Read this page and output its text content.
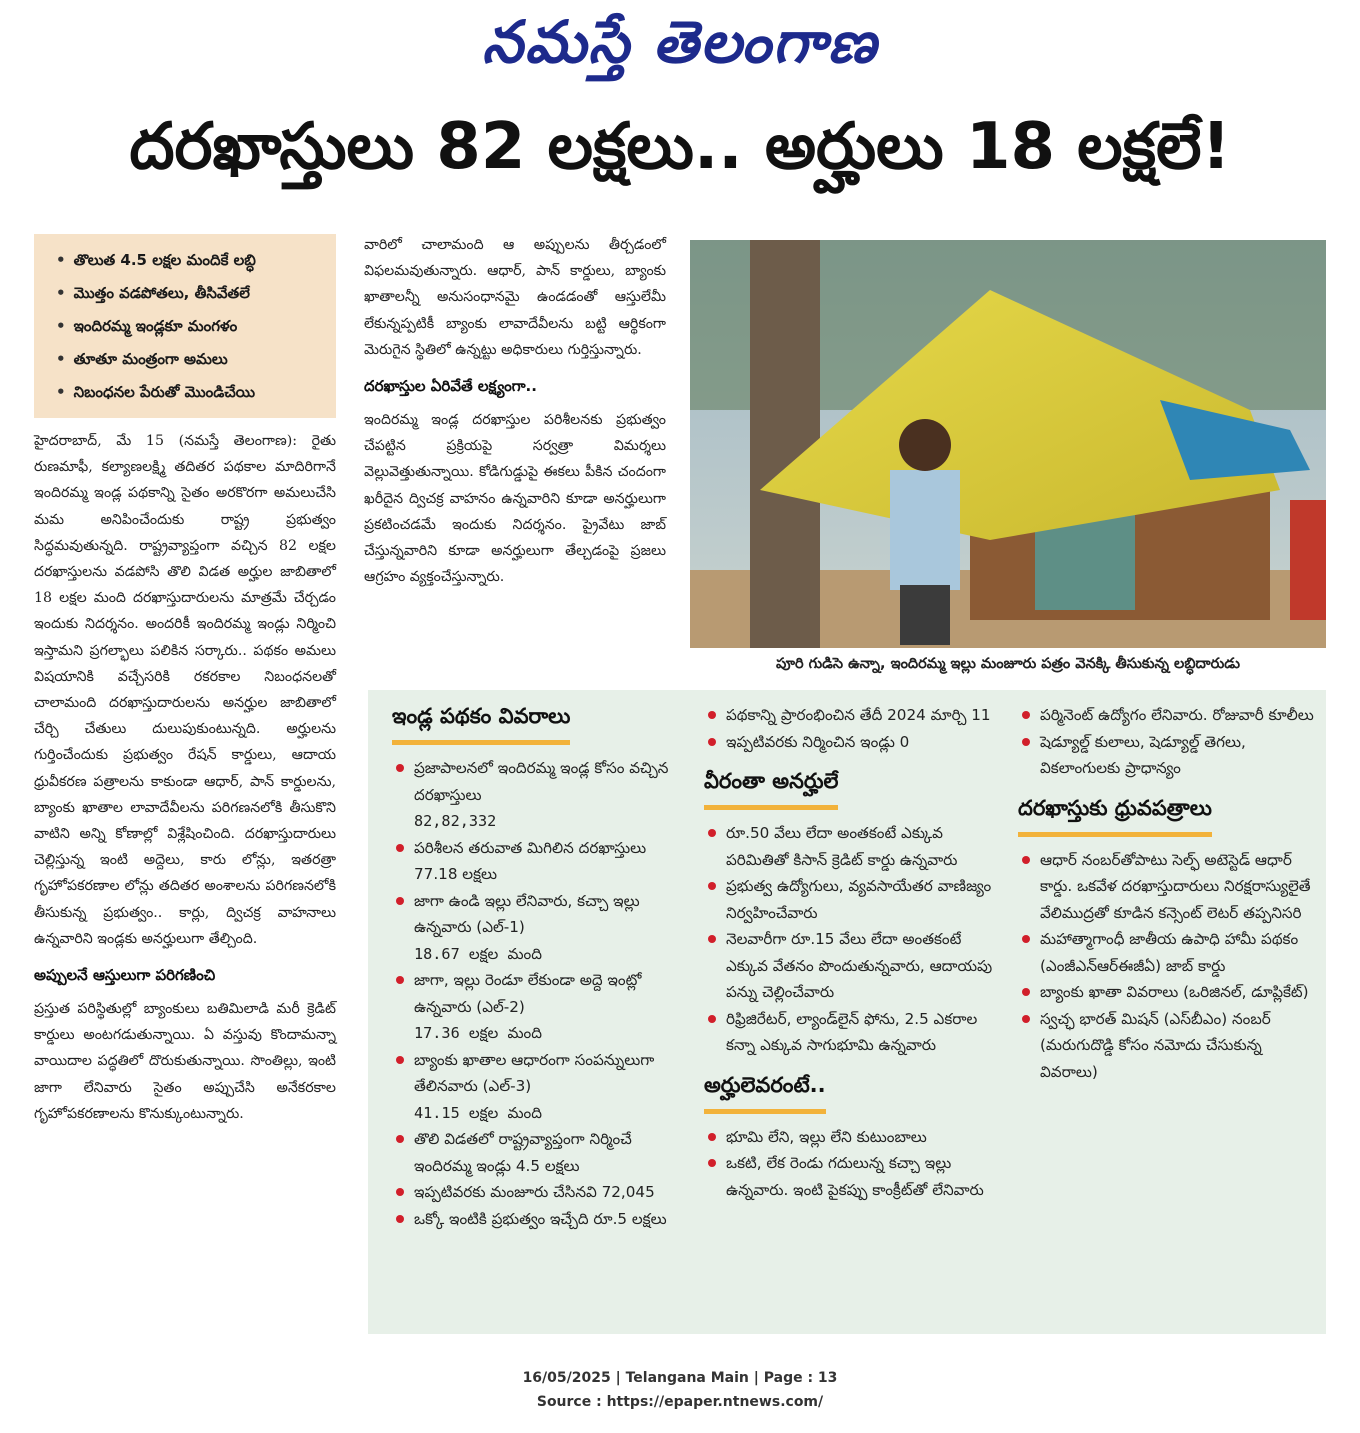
నమస్తే తెలంగాణ
దరఖాస్తులు 82 లక్షలు.. అర్హులు 18 లక్షలే!
• తొలుత 4.5 లక్షల మందికే లబ్ధి
• మొత్తం వడపోతలు, తీసివేతలే
• ఇందిరమ్మ ఇండ్లకూ మంగళం
• తూతూ మంత్రంగా అమలు
• నిబంధనల పేరుతో మొండిచేయి

హైదరాబాద్, మే 15 (నమస్తే తెలంగాణ): రైతు రుణమాఫీ, కల్యాణలక్ష్మి తదితర పథకాల మాదిరిగానే ఇందిరమ్మ ఇండ్ల పథకాన్ని సైతం అరకొరగా అమలుచేసి మమ అనిపించేందుకు రాష్ట్ర ప్రభుత్వం సిద్ధమవుతున్నది. రాష్ట్రవ్యాప్తంగా వచ్చిన 82 లక్షల దరఖాస్తులను వడపోసి తొలి విడత అర్హుల జాబితాలో 18 లక్షల మంది దరఖాస్తుదారులను మాత్రమే చేర్చడం ఇందుకు నిదర్శనం. అందరికీ ఇందిరమ్మ ఇండ్లు నిర్మించి ఇస్తామని ప్రగల్భాలు పలికిన సర్కారు.. పథకం అమలు విషయానికి వచ్చేసరికి రకరకాల నిబంధనలతో చాలామంది దరఖాస్తుదారులను అనర్హుల జాబితాలో చేర్చి చేతులు దులుపుకుంటున్నది. అర్హులను గుర్తించేందుకు ప్రభుత్వం రేషన్ కార్డులు, ఆదాయ ధ్రువీకరణ పత్రాలను కాకుండా ఆధార్, పాన్ కార్డులను, బ్యాంకు ఖాతాల లావాదేవీలను పరిగణనలోకి తీసుకొని వాటిని అన్ని కోణాల్లో విశ్లేషించింది. దరఖాస్తుదారులు చెల్లిస్తున్న ఇంటి అద్దెలు, కారు లోన్లు, ఇతరత్రా గృహోపకరణాల లోన్లు తదితర అంశాలను పరిగణనలోకి తీసుకున్న ప్రభుత్వం.. కార్లు, ద్విచక్ర వాహనాలు ఉన్నవారిని ఇండ్లకు అనర్హులుగా తేల్చింది.

అప్పులనే ఆస్తులుగా పరిగణించి

ప్రస్తుత పరిస్థితుల్లో బ్యాంకులు బతిమిలాడి మరీ క్రెడిట్ కార్డులు అంటగడుతున్నాయి. ఏ వస్తువు కొందామన్నా వాయిదాల పద్ధతిలో దొరుకుతున్నాయి. సొంతిల్లు, ఇంటి జాగా లేనివారు సైతం అప్పుచేసి అనేకరకాల గృహోపకరణాలను కొనుక్కుంటున్నారు.

వారిలో చాలామంది ఆ అప్పులను తీర్చడంలో విఫలమవుతున్నారు. ఆధార్, పాన్ కార్డులు, బ్యాంకు ఖాతాలన్నీ అనుసంధానమై ఉండడంతో ఆస్తులేమీ లేకున్నప్పటికీ బ్యాంకు లావాదేవీలను బట్టి ఆర్థికంగా మెరుగైన స్థితిలో ఉన్నట్టు అధికారులు గుర్తిస్తున్నారు.

దరఖాస్తుల ఏరివేతే లక్ష్యంగా..

ఇందిరమ్మ ఇండ్ల దరఖాస్తుల పరిశీలనకు ప్రభుత్వం చేపట్టిన ప్రక్రియపై సర్వత్రా విమర్శలు వెల్లువెత్తుతున్నాయి. కోడిగుడ్డుపై ఈకలు పీకిన చందంగా ఖరీదైన ద్విచక్ర వాహనం ఉన్నవారిని కూడా అనర్హులుగా ప్రకటించడమే ఇందుకు నిదర్శనం. ప్రైవేటు జాబ్ చేస్తున్నవారిని కూడా అనర్హులుగా తేల్చడంపై ప్రజలు ఆగ్రహం వ్యక్తంచేస్తున్నారు.

పూరి గుడిసె ఉన్నా, ఇందిరమ్మ ఇల్లు మంజూరు పత్రం వెనక్కి తీసుకున్న లబ్ధిదారుడు
ఇండ్ల పథకం వివరాలు
ప్రజాపాలనలో ఇందిరమ్మ ఇండ్ల కోసం వచ్చిన దరఖాస్తులు
82,82,332
పరిశీలన తరువాత మిగిలిన దరఖాస్తులు 77.18 లక్షలు
జాగా ఉండి ఇల్లు లేనివారు, కచ్చా ఇల్లు ఉన్నవారు (ఎల్-1)
18.67 లక్షల మంది
జాగా, ఇల్లు రెండూ లేకుండా అద్దె ఇంట్లో ఉన్నవారు (ఎల్-2)
17.36 లక్షల మంది
బ్యాంకు ఖాతాల ఆధారంగా సంపన్నులుగా తేలినవారు (ఎల్-3)
41.15 లక్షల మంది
తొలి విడతలో రాష్ట్రవ్యాప్తంగా నిర్మించే ఇందిరమ్మ ఇండ్లు 4.5 లక్షలు
ఇప్పటివరకు మంజూరు చేసినవి 72,045
ఒక్కో ఇంటికి ప్రభుత్వం ఇచ్చేది రూ.5 లక్షలు
పథకాన్ని ప్రారంభించిన తేదీ 2024 మార్చి 11
ఇప్పటివరకు నిర్మించిన ఇండ్లు 0
వీరంతా అనర్హులే
రూ.50 వేలు లేదా అంతకంటే ఎక్కువ పరిమితితో కిసాన్ క్రెడిట్ కార్డు ఉన్నవారు
ప్రభుత్వ ఉద్యోగులు, వ్యవసాయేతర వాణిజ్యం నిర్వహించేవారు
నెలవారీగా రూ.15 వేలు లేదా అంతకంటే ఎక్కువ వేతనం పొందుతున్నవారు, ఆదాయపు పన్ను చెల్లించేవారు
రిఫ్రిజిరేటర్, ల్యాండ్‌లైన్ ఫోను, 2.5 ఎకరాల కన్నా ఎక్కువ సాగుభూమి ఉన్నవారు
అర్హులెవరంటే..
భూమి లేని, ఇల్లు లేని కుటుంబాలు
ఒకటి, లేక రెండు గదులున్న కచ్చా ఇల్లు ఉన్నవారు. ఇంటి పైకప్పు కాంక్రీట్‌తో లేనివారు
పర్మినెంట్ ఉద్యోగం లేనివారు. రోజువారీ కూలీలు
షెడ్యూల్డ్ కులాలు, షెడ్యూల్డ్ తెగలు, వికలాంగులకు ప్రాధాన్యం
దరఖాస్తుకు ధ్రువపత్రాలు
ఆధార్ నంబర్‌తోపాటు సెల్ఫ్ అటెస్టెడ్ ఆధార్ కార్డు. ఒకవేళ దరఖాస్తుదారులు నిరక్షరాస్యులైతే వేలిముద్రతో కూడిన కన్సెంట్ లెటర్ తప్పనిసరి
మహాత్మాగాంధీ జాతీయ ఉపాధి హామీ పథకం (ఎంజీఎన్ఆర్ఈజీఏ) జాబ్ కార్డు
బ్యాంకు ఖాతా వివరాలు (ఒరిజినల్, డూప్లికేట్)
స్వచ్ఛ భారత్ మిషన్ (ఎస్‌బీఎం) నంబర్ (మరుగుదొడ్డి కోసం నమోదు చేసుకున్న వివరాలు)
16/05/2025 | Telangana Main | Page : 13
Source : https://epaper.ntnews.com/
